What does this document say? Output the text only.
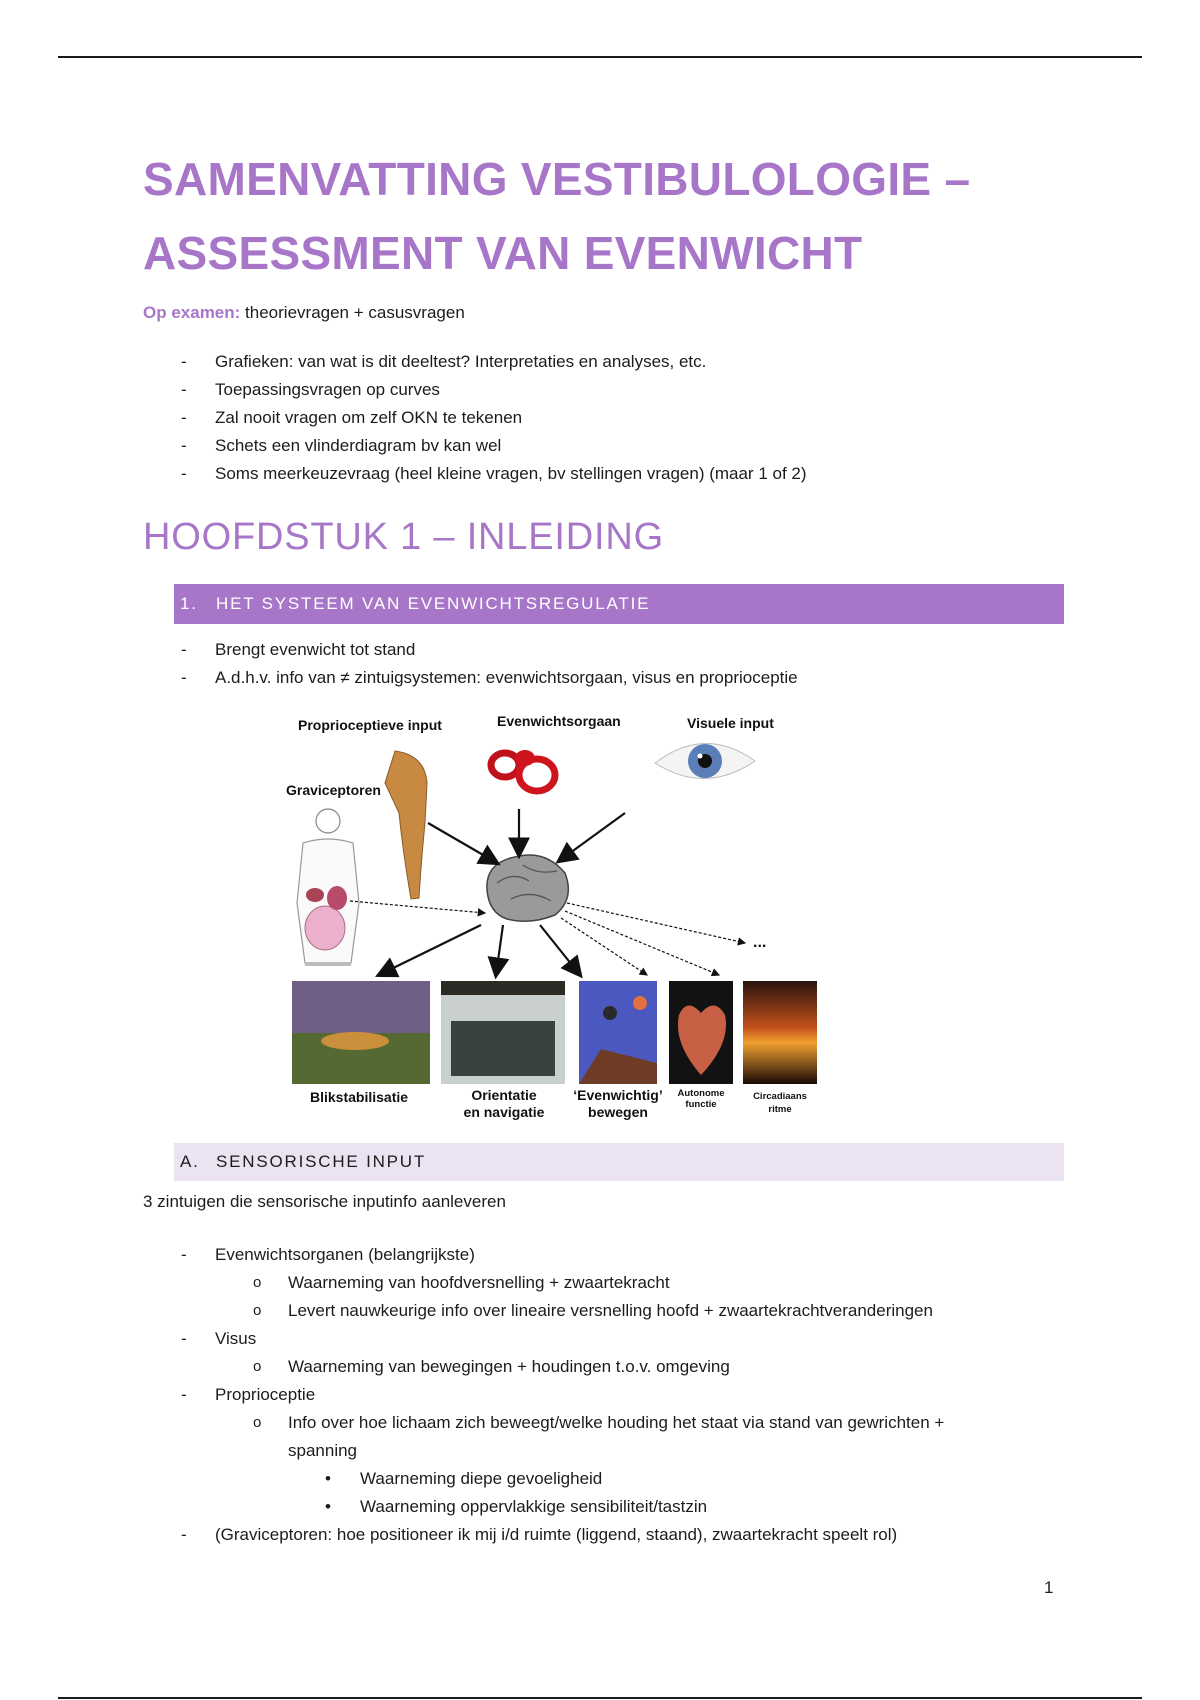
SAMENVATTING VESTIBULOLOGIE –
ASSESSMENT VAN EVENWICHT
Op examen: theorievragen + casusvragen
- Grafieken: van wat is dit deeltest? Interpretaties en analyses, etc.
- Toepassingsvragen op curves
- Zal nooit vragen om zelf OKN te tekenen
- Schets een vlinderdiagram bv kan wel
- Soms meerkeuzevraag (heel kleine vragen, bv stellingen vragen) (maar 1 of 2)
HOOFDSTUK 1 – INLEIDING
1. HET SYSTEEM VAN EVENWICHTSREGULATIE
- Brengt evenwicht tot stand
- A.d.h.v. info van ≠ zintuigsystemen: evenwichtsorgaan, visus en proprioceptie
Proprioceptieve input	Evenwichtsorgaan	Visuele input
Graviceptoren
...
Blikstabilisatie	Orientatie
en navigatie
‘Evenwichtig’
bewegen
Autonome
functie
Circadiaans
ritme
A. SENSORISCHE INPUT
3 zintuigen die sensorische inputinfo aanleveren
- Evenwichtsorganen (belangrijkste)
o Waarneming van hoofdversnelling + zwaartekracht
o Levert nauwkeurige info over lineaire versnelling hoofd + zwaartekrachtveranderingen
- Visus
o Waarneming van bewegingen + houdingen t.o.v. omgeving
- Proprioceptie
o Info over hoe lichaam zich beweegt/welke houding het staat via stand van gewrichten +
spanning
• Waarneming diepe gevoeligheid
• Waarneming oppervlakkige sensibiliteit/tastzin
- (Graviceptoren: hoe positioneer ik mij i/d ruimte (liggend, staand), zwaartekracht speelt rol)
1
